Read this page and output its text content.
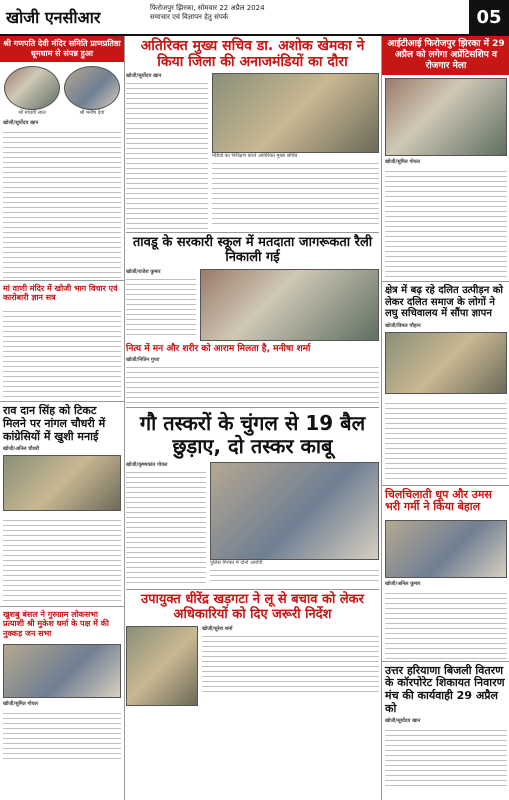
खोजी एनसीआर	फिरोजपुर झिरका, सोमवार 22 अप्रैल 2024
समाचार एवं विज्ञापन हेतु संपर्क	05
श्री गणपति देवी मंदिर समिति प्राणप्रतिष्ठा धूमधाम से संपन्न हुआ
श्री माधवी लाल	श्री मनीष देवा
खोजी/सूर्योदय खान
मां वाणी मंदिर में खोजी भाग विचार एवं कारोबारी ज्ञान सत्र
राव दान सिंह को टिकट मिलने पर नांगल चौधरी में कांग्रेसियों में खुशी मनाई
खोजी/अनिल चौधरी
खुशबु बंसल ने गुरुग्राम लोकसभा प्रत्याशी श्री मुकेश धर्मा के पक्ष में की नुक्कड़ जन सभा
खोजी/सुमित गोयल
अतिरिक्त मुख्य सचिव डा. अशोक खेमका ने किया जिला की अनाजमंडियों का दौरा
खोजी/सूर्योदय खान
मंडियों का निरीक्षण करते अतिरिक्त मुख्य सचिव
तावडू के सरकारी स्कूल में मतदाता जागरूकता रैली निकाली गई
खोजी/राजेश कुमार
नित्य में मन और शरीर को आराम मिलता है, मनीषा शर्मा
खोजी/नितिन गुप्ता
गौ तस्करों के चुंगल से 19 बैल छुड़ाए, दो तस्कर काबू
खोजी/कृष्णकांत गोयल
पुलिस गिरफ्त में दोनों आरोपी
उपायुक्त धीरेंद्र खड़गटा ने लू से बचाव को लेकर अधिकारियों को दिए जरूरी निर्देश
खोजी/सुरेश शर्मा
आईटीआई फिरोजपुर झिरका में 29 अप्रैल को लगेगा अप्रेंटिसशिप व रोजगार मेला
खोजी/सुमित गोयल
क्षेत्र में बढ़ रहे दलित उत्पीड़न को लेकर दलित समाज के लोगों ने लघु सचिवालय में सौंपा ज्ञापन
खोजी/विमल चौहान
चिलचिलाती धूप और उमस भरी गर्मी ने किया बेहाल
खोजी/अनिल कुमार
उत्तर हरियाणा बिजली वितरण के कॉरपोरेट शिकायत निवारण मंच की कार्यवाही 29 अप्रैल को
खोजी/सूर्योदय खान
